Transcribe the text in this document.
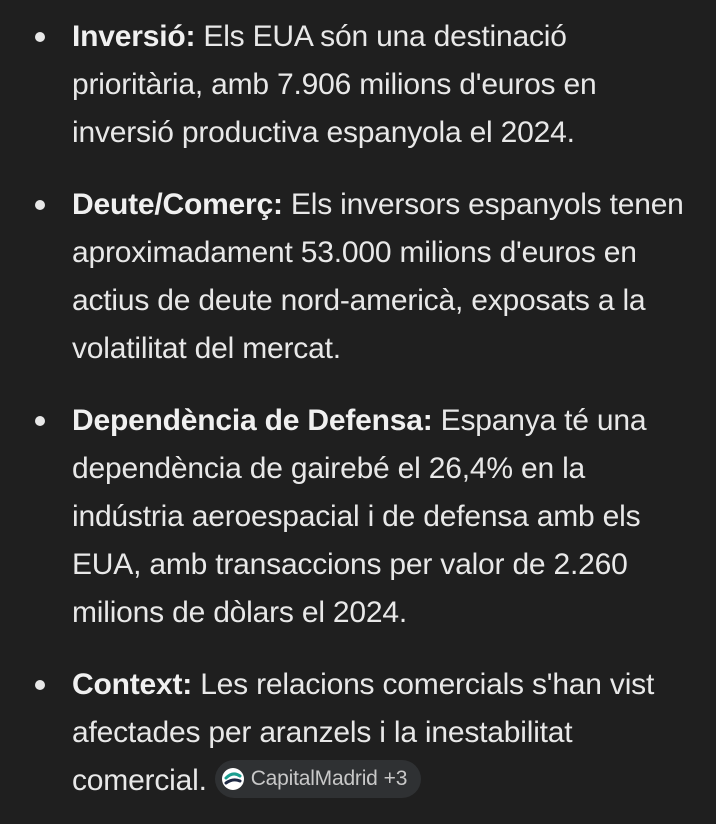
Inversió: Els EUA són una destinació prioritària, amb 7.906 milions d'euros en inversió productiva espanyola el 2024.
Deute/Comerç: Els inversors espanyols tenen aproximadament 53.000 milions d'euros en actius de deute nord-americà, exposats a la volatilitat del mercat.
Dependència de Defensa: Espanya té una dependència de gairebé el 26,4% en la indústria aeroespacial i de defensa amb els EUA, amb transaccions per valor de 2.260 milions de dòlars el 2024.
Context: Les relacions comercials s'han vist afectades per aranzels i la inestabilitat comercial. CapitalMadrid +3
